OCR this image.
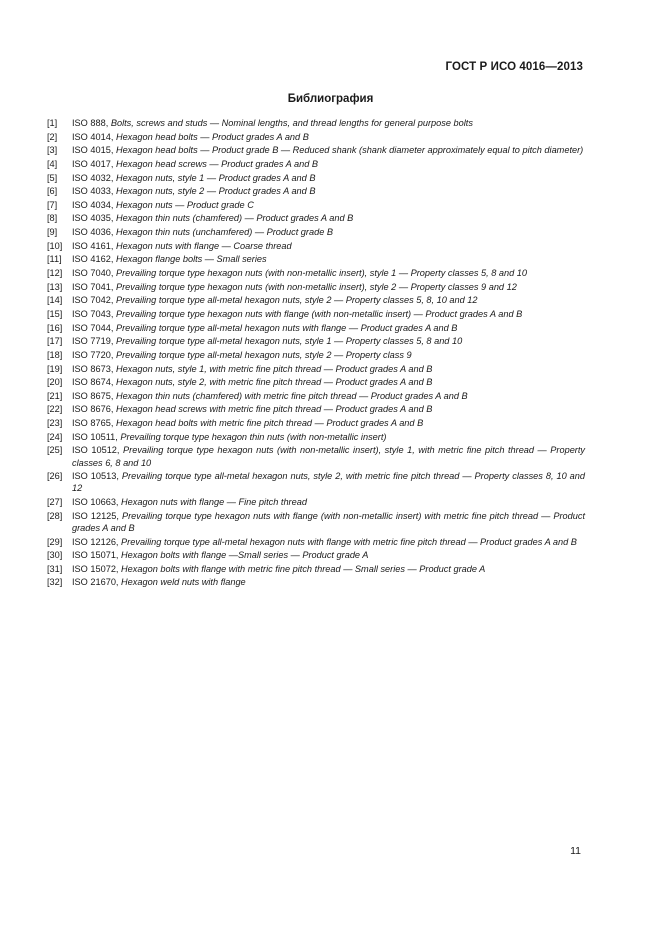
ГОСТ Р ИСО 4016—2013
Библиография
[1]	ISO 888, Bolts, screws and studs — Nominal lengths, and thread lengths for general purpose bolts
[2]	ISO 4014, Hexagon head bolts — Product grades A and B
[3]	ISO 4015, Hexagon head bolts — Product grade B — Reduced shank (shank diameter approximately equal to pitch diameter)
[4]	ISO 4017, Hexagon head screws — Product grades A and B
[5]	ISO 4032, Hexagon nuts, style 1 — Product grades A and B
[6]	ISO 4033, Hexagon nuts, style 2 — Product grades A and B
[7]	ISO 4034, Hexagon nuts — Product grade C
[8]	ISO 4035, Hexagon thin nuts (chamfered) — Product grades A and B
[9]	ISO 4036, Hexagon thin nuts (unchamfered) — Product grade B
[10]	ISO 4161, Hexagon nuts with flange — Coarse thread
[11]	ISO 4162, Hexagon flange bolts — Small series
[12]	ISO 7040, Prevailing torque type hexagon nuts (with non-metallic insert), style 1 — Property classes 5, 8 and 10
[13]	ISO 7041, Prevailing torque type hexagon nuts (with non-metallic insert), style 2 — Property classes 9 and 12
[14]	ISO 7042, Prevailing torque type all-metal hexagon nuts, style 2 — Property classes 5, 8, 10 and 12
[15]	ISO 7043, Prevailing torque type hexagon nuts with flange (with non-metallic insert) — Product grades A and B
[16]	ISO 7044, Prevailing torque type all-metal hexagon nuts with flange — Product grades A and B
[17]	ISO 7719, Prevailing torque type all-metal hexagon nuts, style 1 — Property classes 5, 8 and 10
[18]	ISO 7720, Prevailing torque type all-metal hexagon nuts, style 2 — Property class 9
[19]	ISO 8673, Hexagon nuts, style 1, with metric fine pitch thread — Product grades A and B
[20]	ISO 8674, Hexagon nuts, style 2, with metric fine pitch thread — Product grades A and B
[21]	ISO 8675, Hexagon thin nuts (chamfered) with metric fine pitch thread — Product grades A and B
[22]	ISO 8676, Hexagon head screws with metric fine pitch thread — Product grades A and B
[23]	ISO 8765, Hexagon head bolts with metric fine pitch thread — Product grades A and B
[24]	ISO 10511, Prevailing torque type hexagon thin nuts (with non-metallic insert)
[25]	ISO 10512, Prevailing torque type hexagon nuts (with non-metallic insert), style 1, with metric fine pitch thread — Property classes 6, 8 and 10
[26]	ISO 10513, Prevailing torque type all-metal hexagon nuts, style 2, with metric fine pitch thread — Property classes 8, 10 and 12
[27]	ISO 10663, Hexagon nuts with flange — Fine pitch thread
[28]	ISO 12125, Prevailing torque type hexagon nuts with flange (with non-metallic insert) with metric fine pitch thread — Product grades A and B
[29]	ISO 12126, Prevailing torque type all-metal hexagon nuts with flange with metric fine pitch thread — Product grades A and B
[30]	ISO 15071, Hexagon bolts with flange —Small series — Product grade A
[31]	ISO 15072, Hexagon bolts with flange with metric fine pitch thread — Small series — Product grade A
[32]	ISO 21670, Hexagon weld nuts with flange
11
